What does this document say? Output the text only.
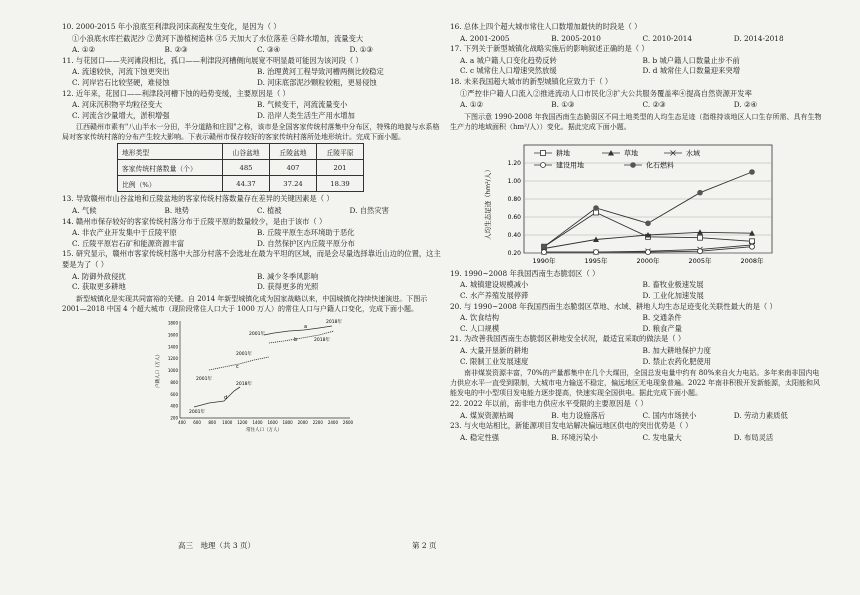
10. 2000-2015 年小浪底至利津段河床高程发生变化，是因为（ ）
①小浪底水库拦截泥沙 ②黄河下游植树造林 ③5 天加大了水位落差 ④降水增加，流量变大
A. ①②	B. ②③	C. ③④	D. ①③
11. 与花园口——夹河滩段相比，孤口——利津段河槽侧向展宽不明显最可能因为该河段（ ）
A. 流速较快，河流下蚀更突出	B. 治理黄河工程导致河槽两侧比较稳定
C. 河岸岩石比较坚硬，难侵蚀	D. 河床底部泥沙颗粒较粗，更易侵蚀
12. 近年来，花园口——利津段河槽下蚀的趋势变缓，主要原因是（ ）
A. 河床沉积物平均粒径变大	B. 气候变干，河流流量变小
C. 河流含沙量增大，淤积增强	D. 沿岸人类生活生产用水增加
江西赣州市素有"八山半水一分田，半分道路和庄园"之称，该市是全国客家传统村落集中分布区，特殊的地貌与水系格局对客家传统村落的分布产生较大影响。下表示赣州市保存较好的客家传统村落所处地形统计。完成下面小题。
地形类型	山谷盆地	丘陵盆地	丘陵平原
客家传统村落数量（个）	485	407	201
比例（%）	44.37	37.24	18.39
13. 导致赣州市山谷盆地和丘陵盆地的客家传统村落数量存在差异的关键因素是（ ）
A. 气候	B. 地势	C. 植被	D. 自然灾害
14. 赣州市保存较好的客家传统村落分布于丘陵平原的数量较少，是由于该市（ ）
A. 非农产业开发集中于丘陵平原	B. 丘陵平原生态环境助于恶化
C. 丘陵平原岩石矿和能源资源丰富	D. 自然保护区内丘陵平原分布
15. 研究显示，赣州市客家传统村落中大部分村落不会选址在最为平坦的区域，而是会尽量选择靠近山边的位置，这主要是为了（ ）
A. 防御外敌侵扰	B. 减少冬季风影响
C. 获取更多耕地	D. 获得更多的光照
新型城镇化是实现共同富裕的关键。自 2014 年新型城镇化成为国家战略以来，中国城镇化持续快速演进。下图示 2001—2018 中国 4 个超大城市（现阶段常住人口大于 1000 万人）的常住人口与户籍人口变化，完成下面小题。
1800
1600
1400
1200
1000
800
600
400
200
400 600 800 1000 1200 1400 1600 1800 2000 2200 2400 2600
户籍人口（万人）
常住人口（万人）
a
b
c
d
2018年
2001年
2018年
2001年
2001年
2018年
2001年
16. 总体上四个超大城市常住人口数增加最快的时段是（ ）
A. 2001-2005	B. 2005-2010	C. 2010-2014	D. 2014-2018
17. 下列关于新型城镇化战略实施后的影响叙述正确的是（ ）
A. a 城户籍人口变化趋势反转	B. b 城户籍人口数量止步不前
C. c 城常住人口增速突然放缓	D. d 城常住人口数量迎来突增
18. 未来我国超大城市的新型城镇化应致力于（ ）
①严控非户籍人口流入②推进流动人口市民化③扩大公共服务覆盖率④提高自然资源开发率
A. ①②	B. ①③	C. ②③	D. ②④
下图示意 1990-2008 年我国西南生态脆弱区不同土地类型的人均生态足迹（指维持该地区人口生存所需、具有生物生产力的地域面积（hm²/人））变化。据此完成下面小题。
1.20
1.00
0.80
0.60
0.40
0.20
1990年	1995年	2000年	2005年	2008年
耕地	草地	水域
建设用地	化石燃料
人均生态足迹（hm²/人）
19. 1990~2008 年我国西南生态脆弱区（ ）
A. 城镇建设规模减小	B. 畜牧业极速发展
C. 水产养殖发展停滞	D. 工业化加速发展
20. 与 1990~2008 年我国西南生态脆弱区草地、水域、耕地人均生态足迹变化关联性最大的是（ ）
A. 饮食结构	B. 交通条件
C. 人口规模	D. 粮食产量
21. 为改善我国西南生态脆弱区耕地安全状况，最适宜采取的做法是（ ）
A. 大量开垦新的耕地	B. 加大耕地保护力度
C. 限制工业发展速度	D. 禁止农药化肥使用
南非煤炭资源丰富，70%的产量都集中在几个大煤田，全国总发电量中约有 80%来自火力电站。多年来南非国内电力供应水平一直受到限制，大城市电力输送不稳定，偏远地区无电现象普遍。2022 年南非积极开发新能源，太阳能和风能发电的中小型项目发电能力逐步提高，快速实现全国供电。据此完成下面小题。
22. 2022 年以前，南非电力供应水平受限的主要原因是（ ）
A. 煤炭资源枯竭	B. 电力设施落后	C. 国内市场狭小	D. 劳动力素质低
23. 与火电站相比，新能源项目发电站解决偏远地区供电的突出优势是（ ）
A. 稳定性强	B. 环境污染小	C. 发电量大	D. 布局灵活
高三　地理（共 3 页）	第 2 页
